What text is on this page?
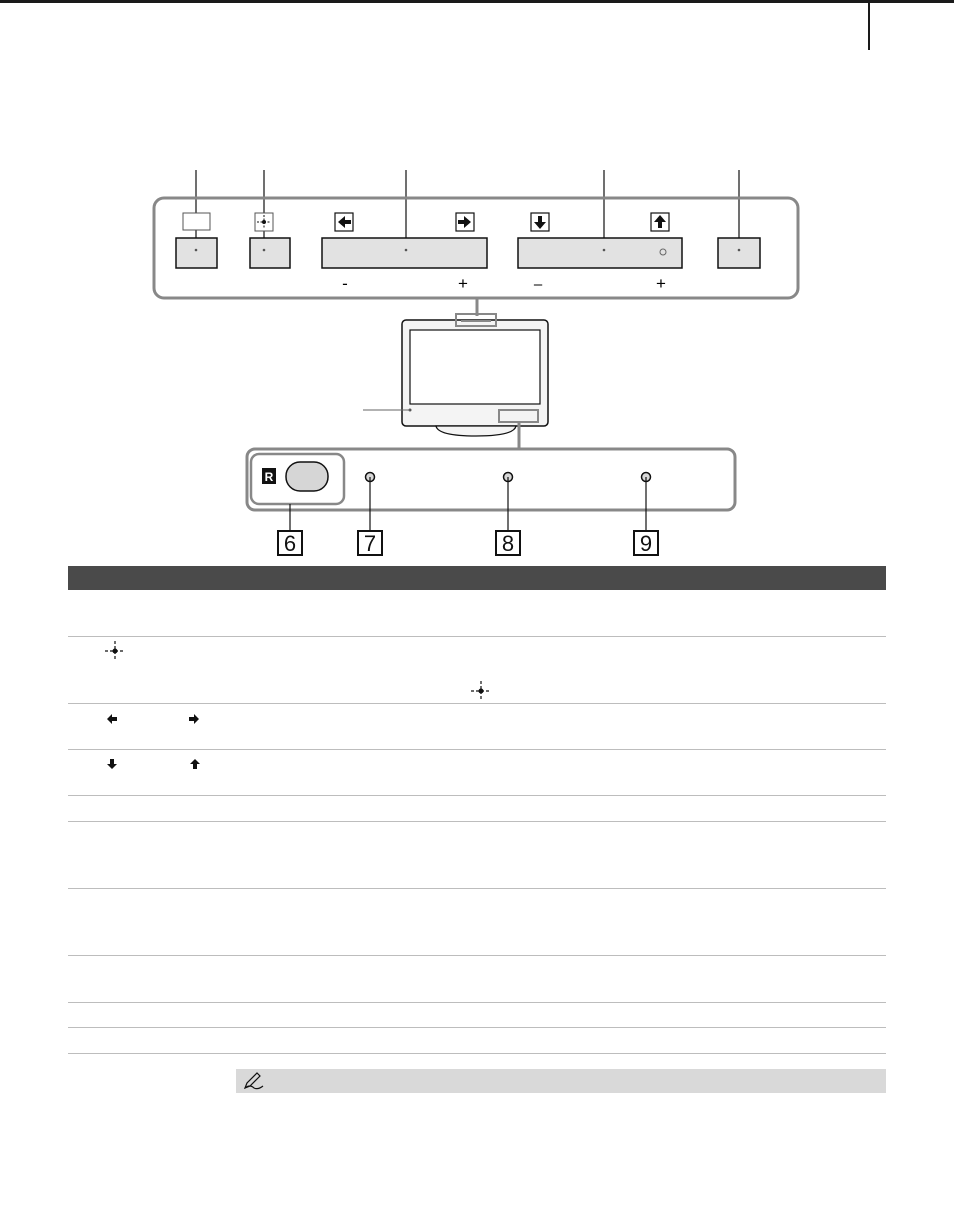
-	+	–	+
R
6	7	8	9
